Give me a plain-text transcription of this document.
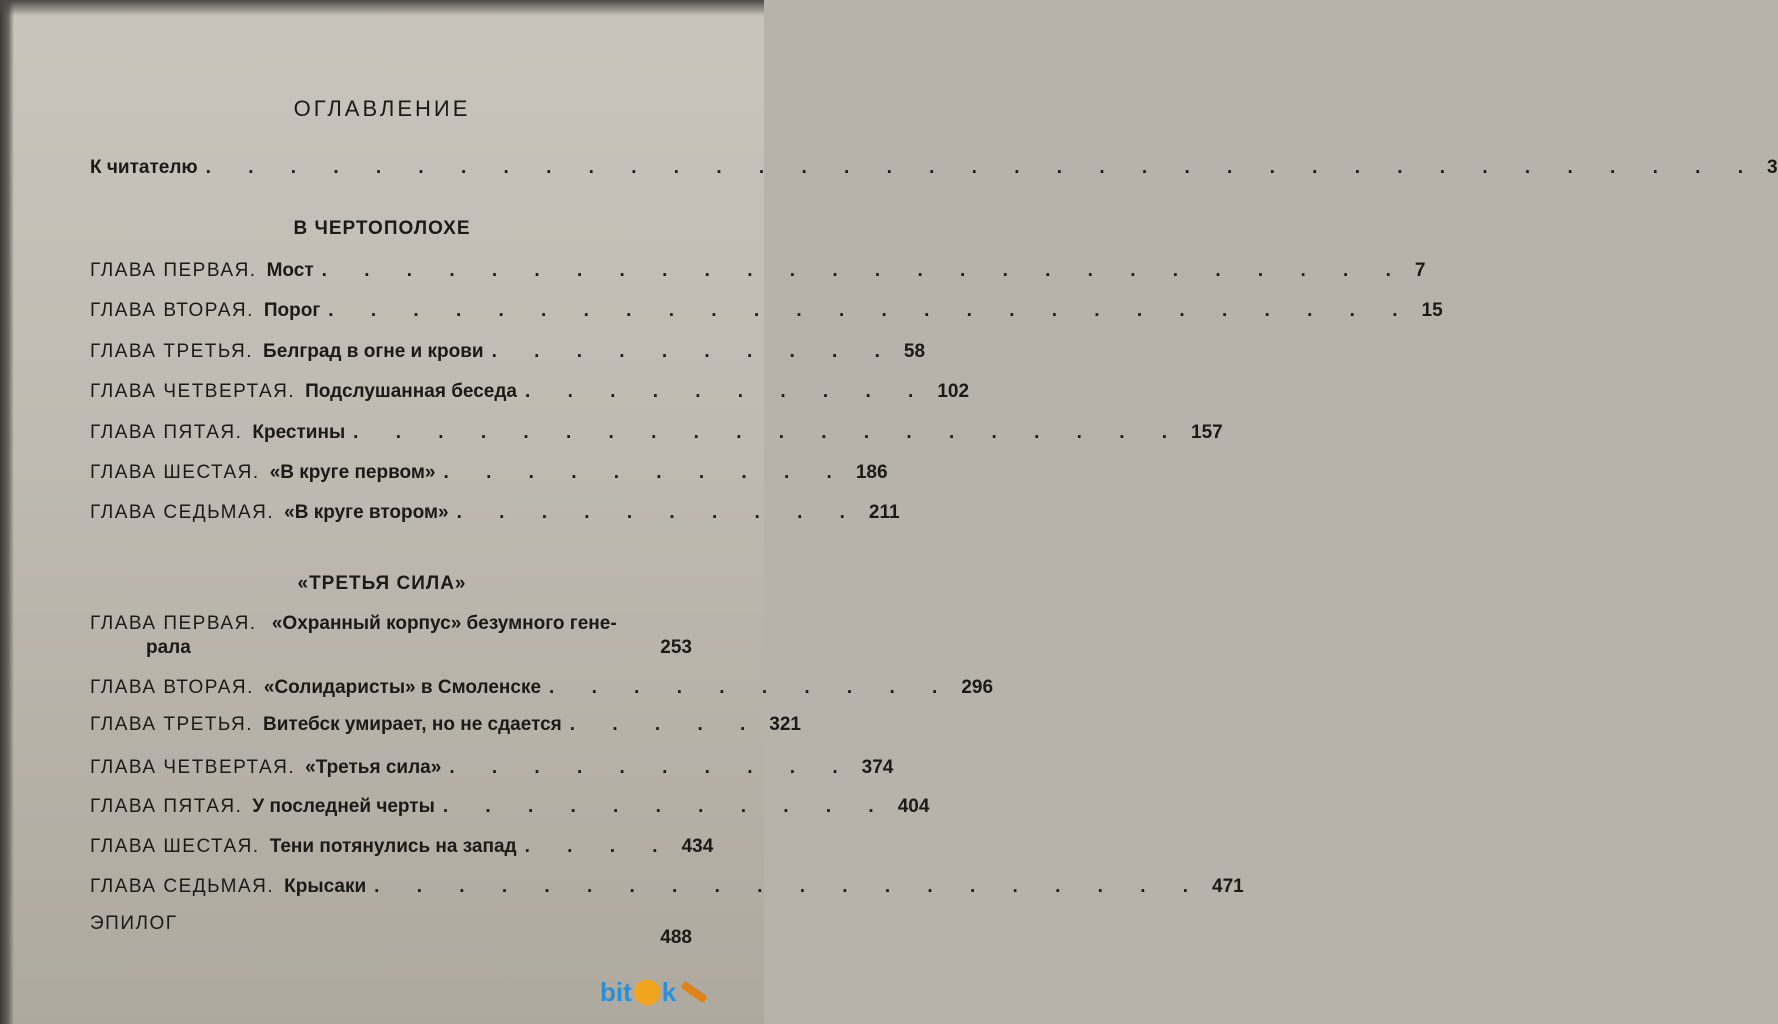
ОГЛАВЛЕНИЕ
К читателю . . . . . . . . . . . . . . . . . . . . . . . . . . . . . . . . . . . . . 3
В ЧЕРТОПОЛОХЕ
ГЛАВА ПЕРВАЯ. Мост . . . . . . . . . . . . . . . . . . . . . . . . . . 7
ГЛАВА ВТОРАЯ. Порог . . . . . . . . . . . . . . . . . . . . . . . . . . 15
ГЛАВА ТРЕТЬЯ. Белград в огне и крови . . . . . . . . . . 58
ГЛАВА ЧЕТВЕРТАЯ. Подслушанная беседа . . . . . . . . . . 102
ГЛАВА ПЯТАЯ. Крестины . . . . . . . . . . . . . . . . . . . . 157
ГЛАВА ШЕСТАЯ. «В круге первом» . . . . . . . . . . 186
ГЛАВА СЕДЬМАЯ. «В круге втором» . . . . . . . . . . 211
«ТРЕТЬЯ СИЛА»
ГЛАВА ПЕРВАЯ. «Охранный корпус» безумного гене-
рала	253
ГЛАВА ВТОРАЯ. «Солидаристы» в Смоленске . . . . . . . . . . 296
ГЛАВА ТРЕТЬЯ. Витебск умирает, но не сдается . . . . . 321
ГЛАВА ЧЕТВЕРТАЯ. «Третья сила» . . . . . . . . . . 374
ГЛАВА ПЯТАЯ. У последней черты . . . . . . . . . . . 404
ГЛАВА ШЕСТАЯ. Тени потянулись на запад . . . . 434
ГЛАВА СЕДЬМАЯ. Крысаки . . . . . . . . . . . . . . . . . . . . 471
ЭПИЛОГ
488
bit k
